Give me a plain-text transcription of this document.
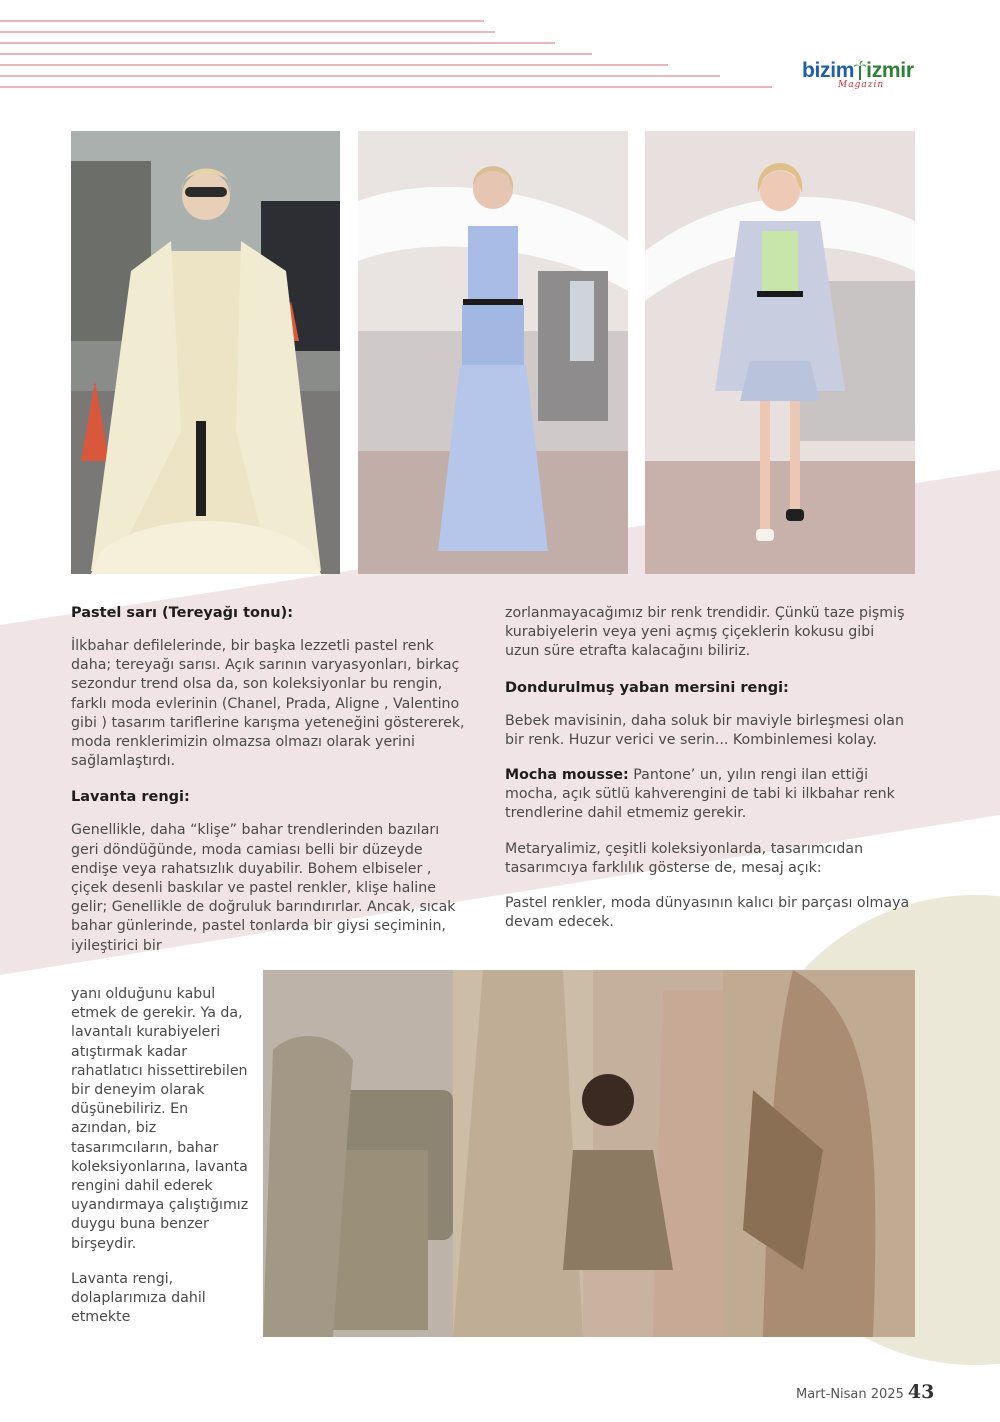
bizim izmir
Magazin
Pastel sarı (Tereyağı tonu):

İlkbahar defilelerinde, bir başka lezzetli pastel renk daha; tereyağı sarısı. Açık sarının varyasyonları, birkaç sezondur trend olsa da, son koleksiyonlar bu rengin, farklı moda evlerinin (Chanel, Prada, Aligne , Valentino gibi ) tasarım tariflerine karışma yeteneğini göstererek, moda renklerimizin olmazsa olmazı olarak yerini sağlamlaştırdı.

Lavanta rengi:

Genellikle, daha “klişe” bahar trendlerinden bazıları geri döndüğünde, moda camiası belli bir düzeyde endişe veya rahatsızlık duyabilir. Bohem elbiseler , çiçek desenli baskılar ve pastel renkler, klişe haline gelir; Genellikle de doğruluk barındırırlar. Ancak, sıcak bahar günlerinde, pastel tonlarda bir giysi seçiminin, iyileştirici bir

yanı olduğunu kabul etmek de gerekir. Ya da, lavantalı kurabiyeleri atıştırmak kadar rahatlatıcı hissettirebilen bir deneyim olarak düşünebiliriz. En azından, biz tasarımcıların, bahar koleksiyonlarına, lavanta rengini dahil ederek uyandırmaya çalıştığımız duygu buna benzer birşeydir.

Lavanta rengi, dolaplarımıza dahil etmekte

zorlanmayacağımız bir renk trendidir. Çünkü taze pişmiş kurabiyelerin veya yeni açmış çiçeklerin kokusu gibi uzun süre etrafta kalacağını biliriz.

Dondurulmuş yaban mersini rengi:

Bebek mavisinin, daha soluk bir maviyle birleşmesi olan bir renk. Huzur verici ve serin... Kombinlemesi kolay.

Mocha mousse: Pantone’ un, yılın rengi ilan ettiği mocha, açık sütlü kahverengini de tabi ki ilkbahar renk trendlerine dahil etmemiz gerekir.

Metaryalimiz, çeşitli koleksiyonlarda, tasarımcıdan tasarımcıya farklılık gösterse de, mesaj açık:

Pastel renkler, moda dünyasının kalıcı bir parçası olmaya devam edecek.

Mart-Nisan 2025 43
